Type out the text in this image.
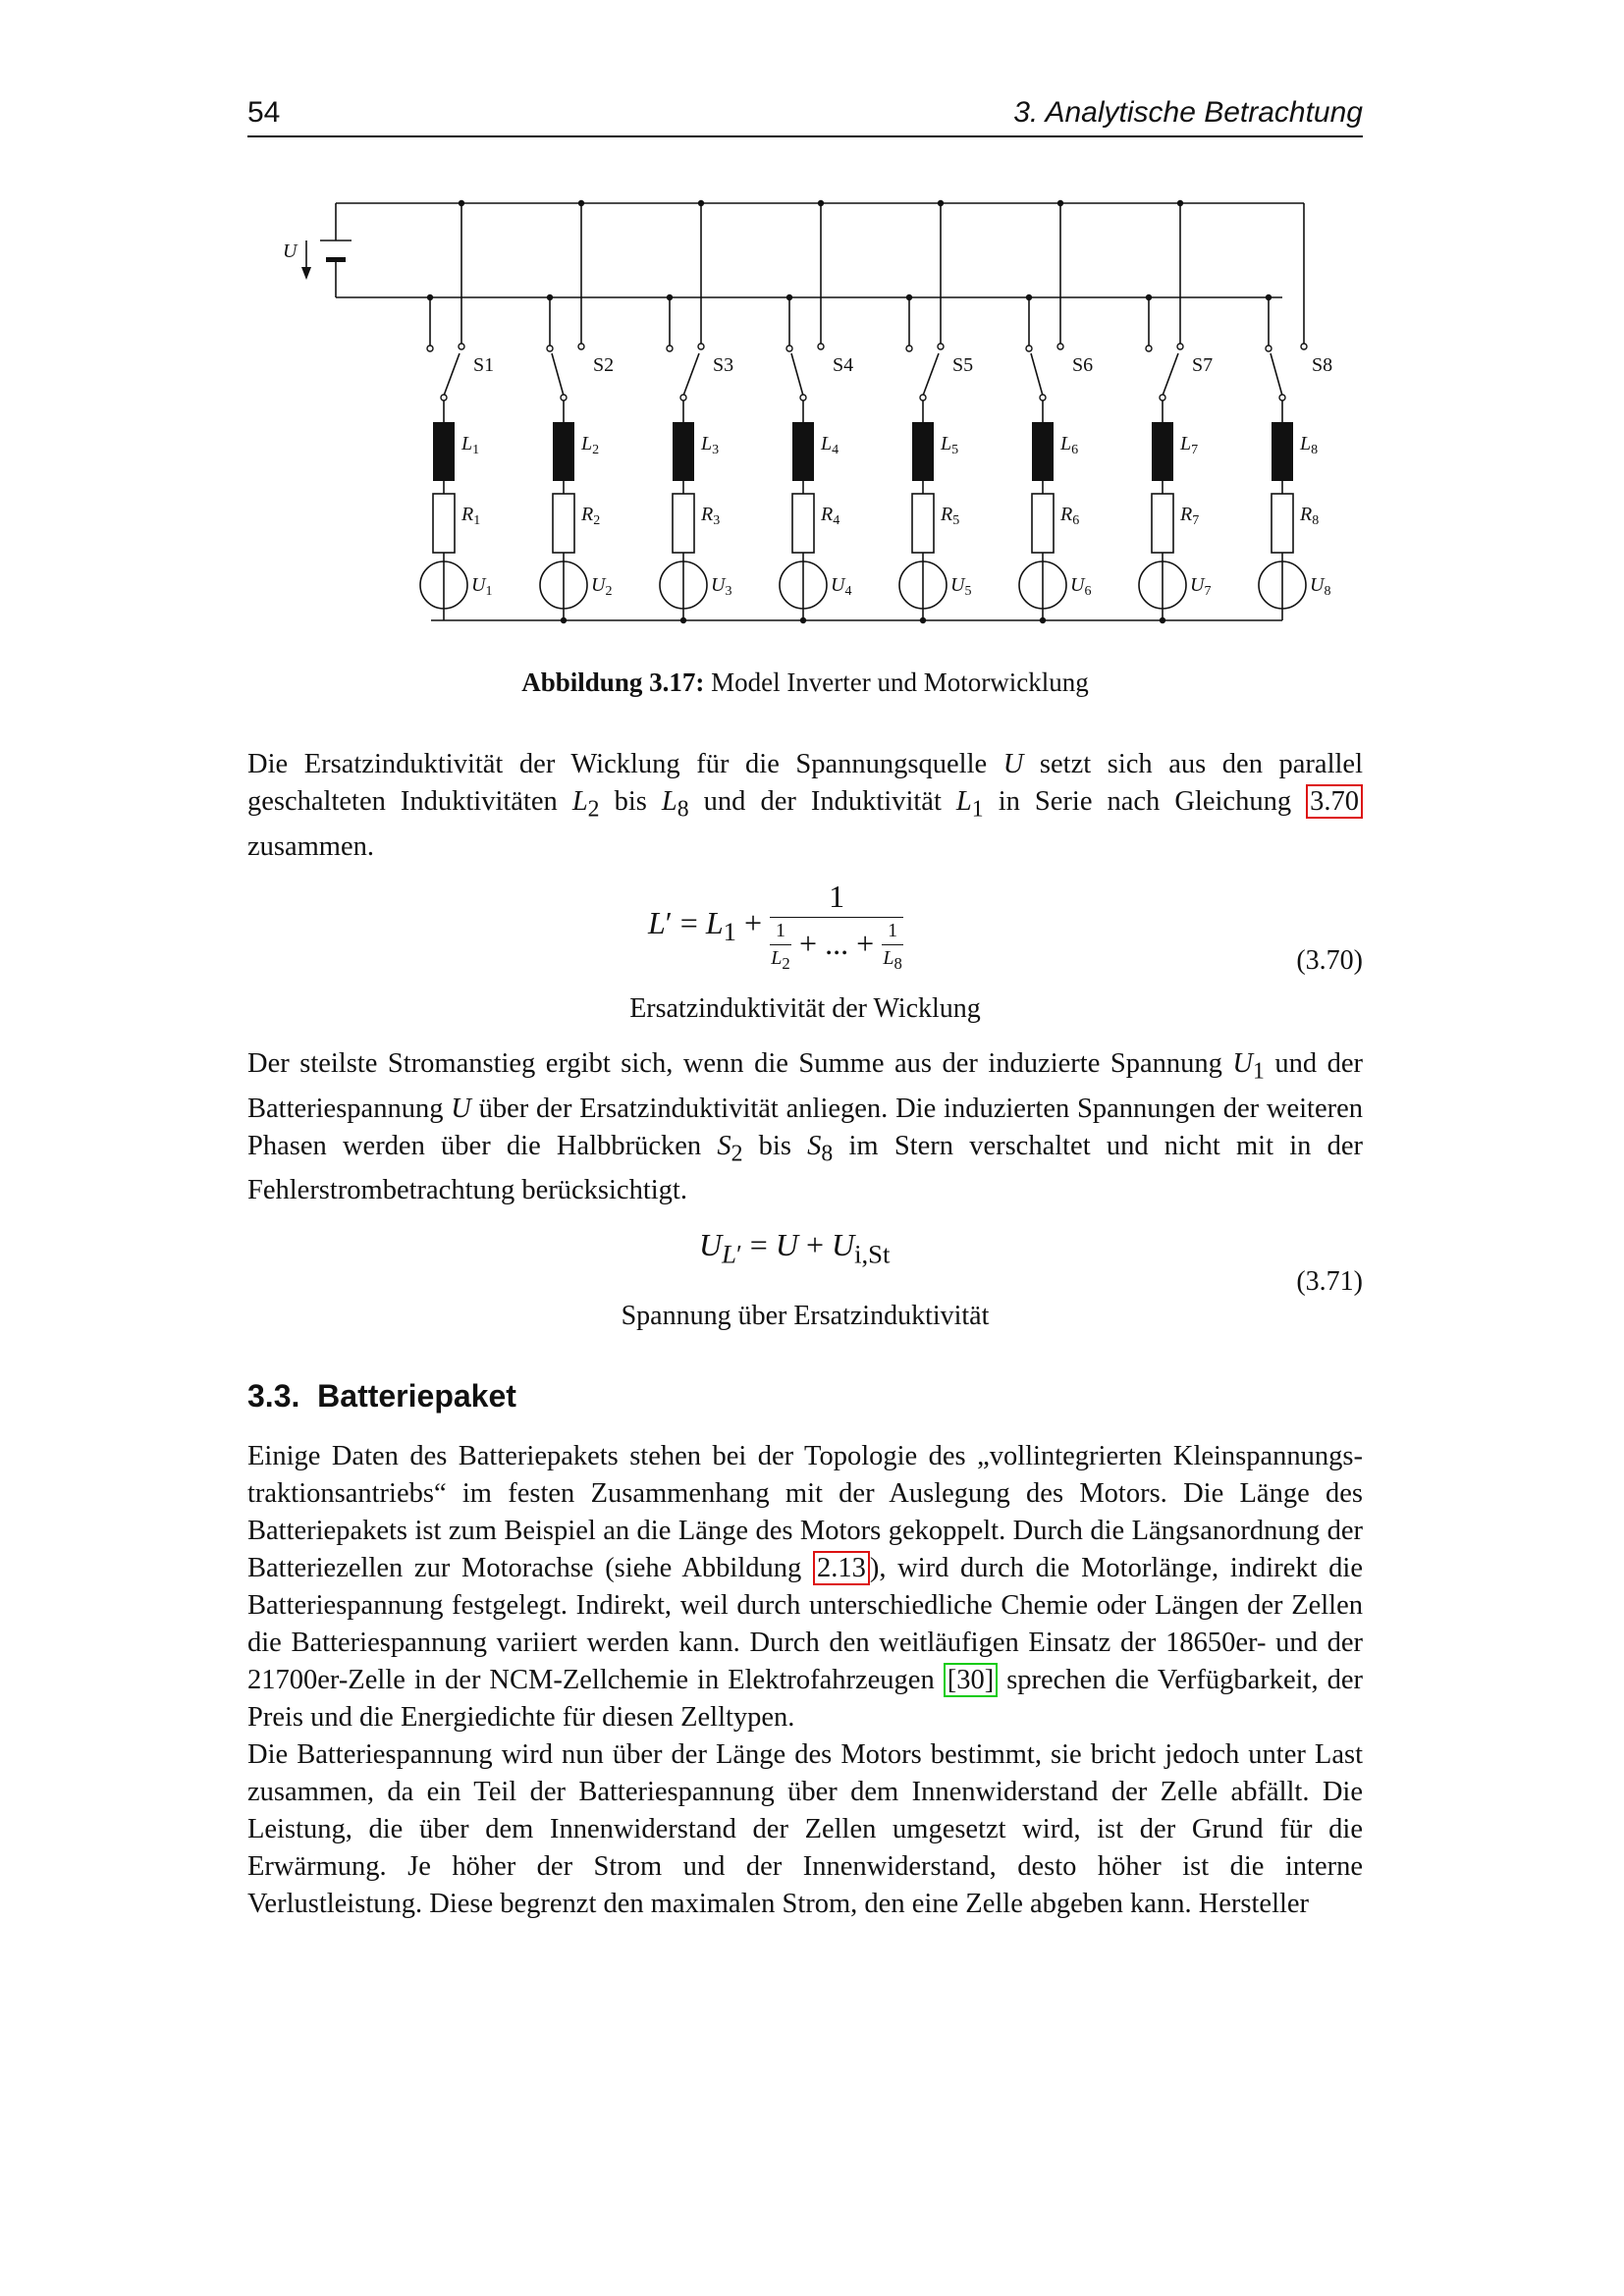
54	3. Analytische Betrachtung
U
S1
$L_1$
$R_1$
$U_1$
S2
$L_2$
$R_2$
$U_2$
S3
$L_3$
$R_3$
$U_3$
S4
$L_4$
$R_4$
$U_4$
S5
$L_5$
$R_5$
$U_5$
S6
$L_6$
$R_6$
$U_6$
S7
$L_7$
$R_7$
$U_7$
S8
$L_8$
$R_8$
$U_8$
Abbildung 3.17: Model Inverter und Motorwicklung

Die Ersatzinduktivität der Wicklung für die Spannungsquelle U setzt sich aus den parallel geschalteten Induktivitäten $L_2$ bis $L_8$ und der Induktivität $L_1$ in Serie nach Gleichung 3.70 zusammen.

$L' = L_1 + \frac{1}{\frac{1}{L_2} + ... + \frac{1}{L_8}}$	(3.70)
Ersatzinduktivität der Wicklung

Der steilste Stromanstieg ergibt sich, wenn die Summe aus der induzierte Spannung $U_1$ und der Batteriespannung U über der Ersatzinduktivität anliegen. Die induzierten Spannungen der weiteren Phasen werden über die Halbbrücken $S_2$ bis $S_8$ im Stern verschaltet und nicht mit in der Fehlerstrombetrachtung berücksichtigt.

$U_{L'} = U + U_{i,St}$
(3.71)
Spannung über Ersatzinduktivität
3.3. Batteriepaket

Einige Daten des Batteriepakets stehen bei der Topologie des „vollintegrierten Kleinspannungs-traktionsantriebs“ im festen Zusammenhang mit der Auslegung des Motors. Die Länge des Batteriepakets ist zum Beispiel an die Länge des Motors gekoppelt. Durch die Längsanordnung der Batteriezellen zur Motorachse (siehe Abbildung 2.13 ), wird durch die Motorlänge, indirekt die Batteriespannung festgelegt. Indirekt, weil durch unterschiedliche Chemie oder Längen der Zellen die Batteriespannung variiert werden kann. Durch den weitläufigen Einsatz der 18650er- und der 21700er-Zelle in der NCM-Zellchemie in Elektrofahrzeugen [30] sprechen die Verfügbarkeit, der Preis und die Energiedichte für diesen Zelltypen.

Die Batteriespannung wird nun über der Länge des Motors bestimmt, sie bricht jedoch unter Last zusammen, da ein Teil der Batteriespannung über dem Innenwiderstand der Zelle abfällt. Die Leistung, die über dem Innenwiderstand der Zellen umgesetzt wird, ist der Grund für die Erwärmung. Je höher der Strom und der Innenwiderstand, desto höher ist die interne Verlustleistung. Diese begrenzt den maximalen Strom, den eine Zelle abgeben kann. Hersteller
